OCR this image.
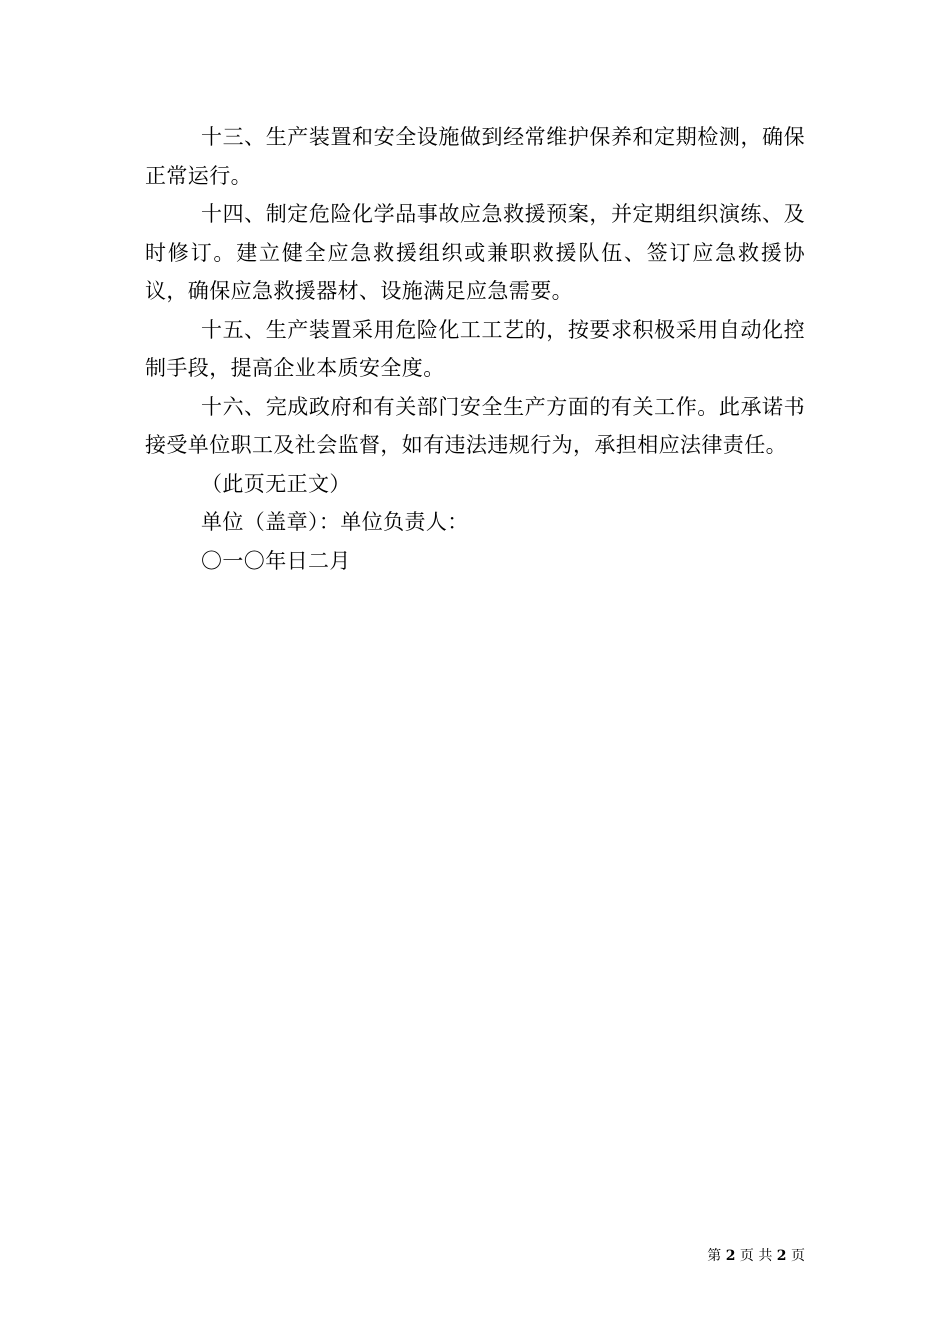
十三、生产装置和安全设施做到经常维护保养和定期检测，确保正常运行。

十四、制定危险化学品事故应急救援预案，并定期组织演练、及时修订。建立健全应急救援组织或兼职救援队伍、签订应急救援协议，确保应急救援器材、设施满足应急需要。

十五、生产装置采用危险化工工艺的，按要求积极采用自动化控制手段，提高企业本质安全度。

十六、完成政府和有关部门安全生产方面的有关工作。此承诺书接受单位职工及社会监督，如有违法违规行为，承担相应法律责任。

（此页无正文）

单位（盖章）：单位负责人：

〇一〇年日二月

第 2 页 共 2 页
